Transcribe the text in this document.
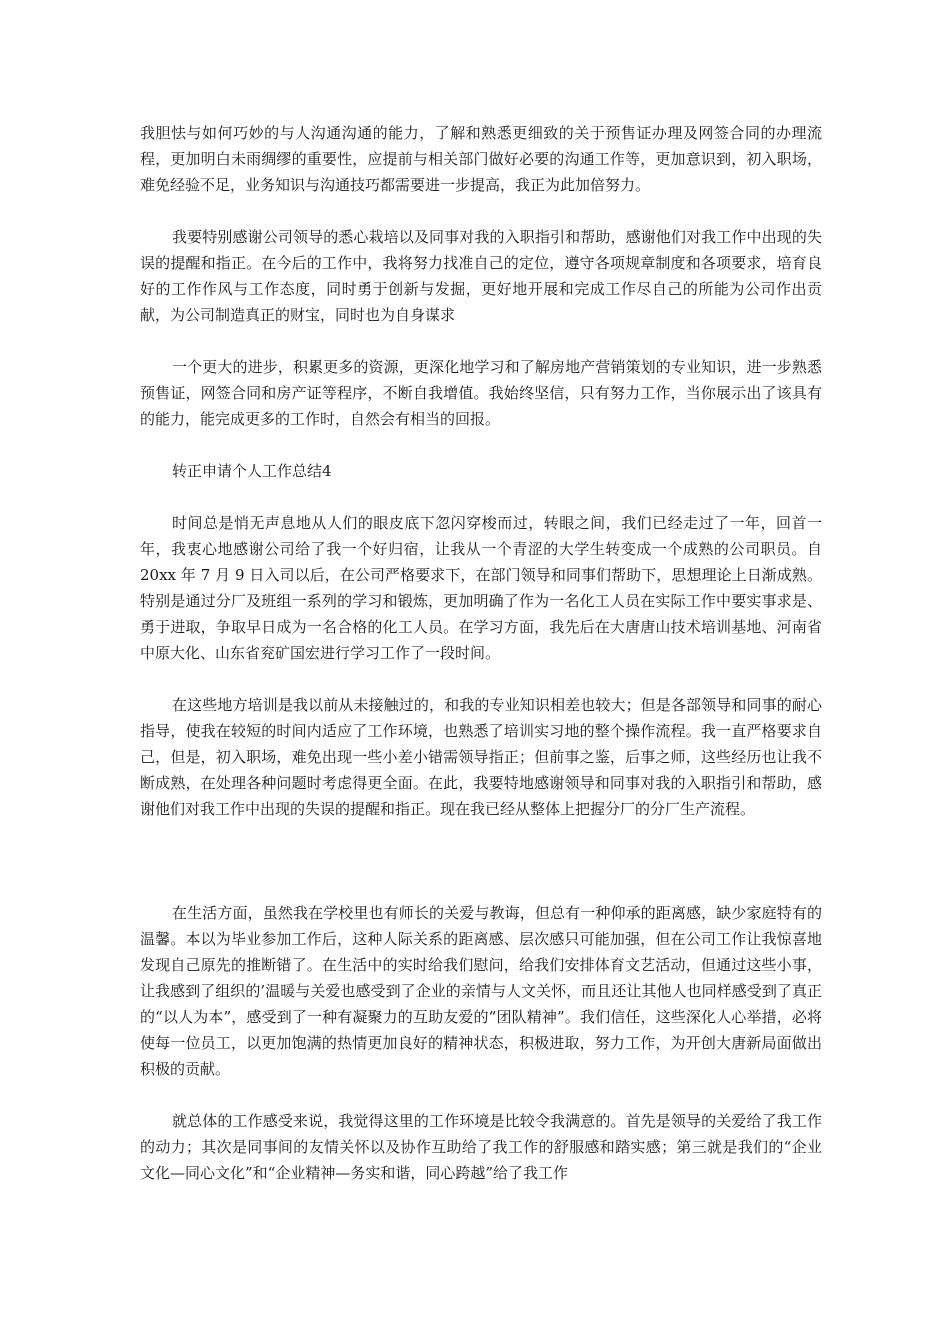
我胆怯与如何巧妙的与人沟通沟通的能力，了解和熟悉更细致的关于预售证办理及网签合同的办理流程，更加明白未雨绸缪的重要性，应提前与相关部门做好必要的沟通工作等，更加意识到，初入职场，难免经验不足，业务知识与沟通技巧都需要进一步提高，我正为此加倍努力。

我要特别感谢公司领导的悉心栽培以及同事对我的入职指引和帮助，感谢他们对我工作中出现的失误的提醒和指正。在今后的工作中，我将努力找准自己的定位，遵守各项规章制度和各项要求，培育良好的工作作风与工作态度，同时勇于创新与发掘，更好地开展和完成工作尽自己的所能为公司作出贡献，为公司制造真正的财宝，同时也为自身谋求

一个更大的进步，积累更多的资源，更深化地学习和了解房地产营销策划的专业知识，进一步熟悉预售证，网签合同和房产证等程序，不断自我增值。我始终坚信，只有努力工作，当你展示出了该具有的能力，能完成更多的工作时，自然会有相当的回报。

转正申请个人工作总结4

时间总是悄无声息地从人们的眼皮底下忽闪穿梭而过，转眼之间，我们已经走过了一年，回首一年，我衷心地感谢公司给了我一个好归宿，让我从一个青涩的大学生转变成一个成熟的公司职员。自 20xx 年 7 月 9 日入司以后，在公司严格要求下，在部门领导和同事们帮助下，思想理论上日渐成熟。特别是通过分厂及班组一系列的学习和锻炼，更加明确了作为一名化工人员在实际工作中要实事求是、勇于进取，争取早日成为一名合格的化工人员。在学习方面，我先后在大唐唐山技术培训基地、河南省中原大化、山东省兖矿国宏进行学习工作了一段时间。

在这些地方培训是我以前从未接触过的，和我的专业知识相差也较大；但是各部领导和同事的耐心指导，使我在较短的时间内适应了工作环境，也熟悉了培训实习地的整个操作流程。我一直严格要求自己，但是，初入职场，难免出现一些小差小错需领导指正；但前事之鉴，后事之师，这些经历也让我不断成熟，在处理各种问题时考虑得更全面。在此，我要特地感谢领导和同事对我的入职指引和帮助，感谢他们对我工作中出现的失误的提醒和指正。现在我已经从整体上把握分厂的分厂生产流程。

在生活方面，虽然我在学校里也有师长的关爱与教诲，但总有一种仰承的距离感，缺少家庭特有的温馨。本以为毕业参加工作后，这种人际关系的距离感、层次感只可能加强，但在公司工作让我惊喜地发现自己原先的推断错了。在生活中的实时给我们慰问，给我们安排体育文艺活动，但通过这些小事，让我感到了组织的’温暖与关爱也感受到了企业的亲情与人文关怀，而且还让其他人也同样感受到了真正的“以人为本”，感受到了一种有凝聚力的互助友爱的“团队精神”。我们信任，这些深化人心举措，必将使每一位员工，以更加饱满的热情更加良好的精神状态，积极进取，努力工作，为开创大唐新局面做出积极的贡献。

就总体的工作感受来说，我觉得这里的工作环境是比较令我满意的。首先是领导的关爱给了我工作的动力；其次是同事间的友情关怀以及协作互助给了我工作的舒服感和踏实感；第三就是我们的“企业文化—同心文化”和“企业精神—务实和谐，同心跨越”给了我工作
